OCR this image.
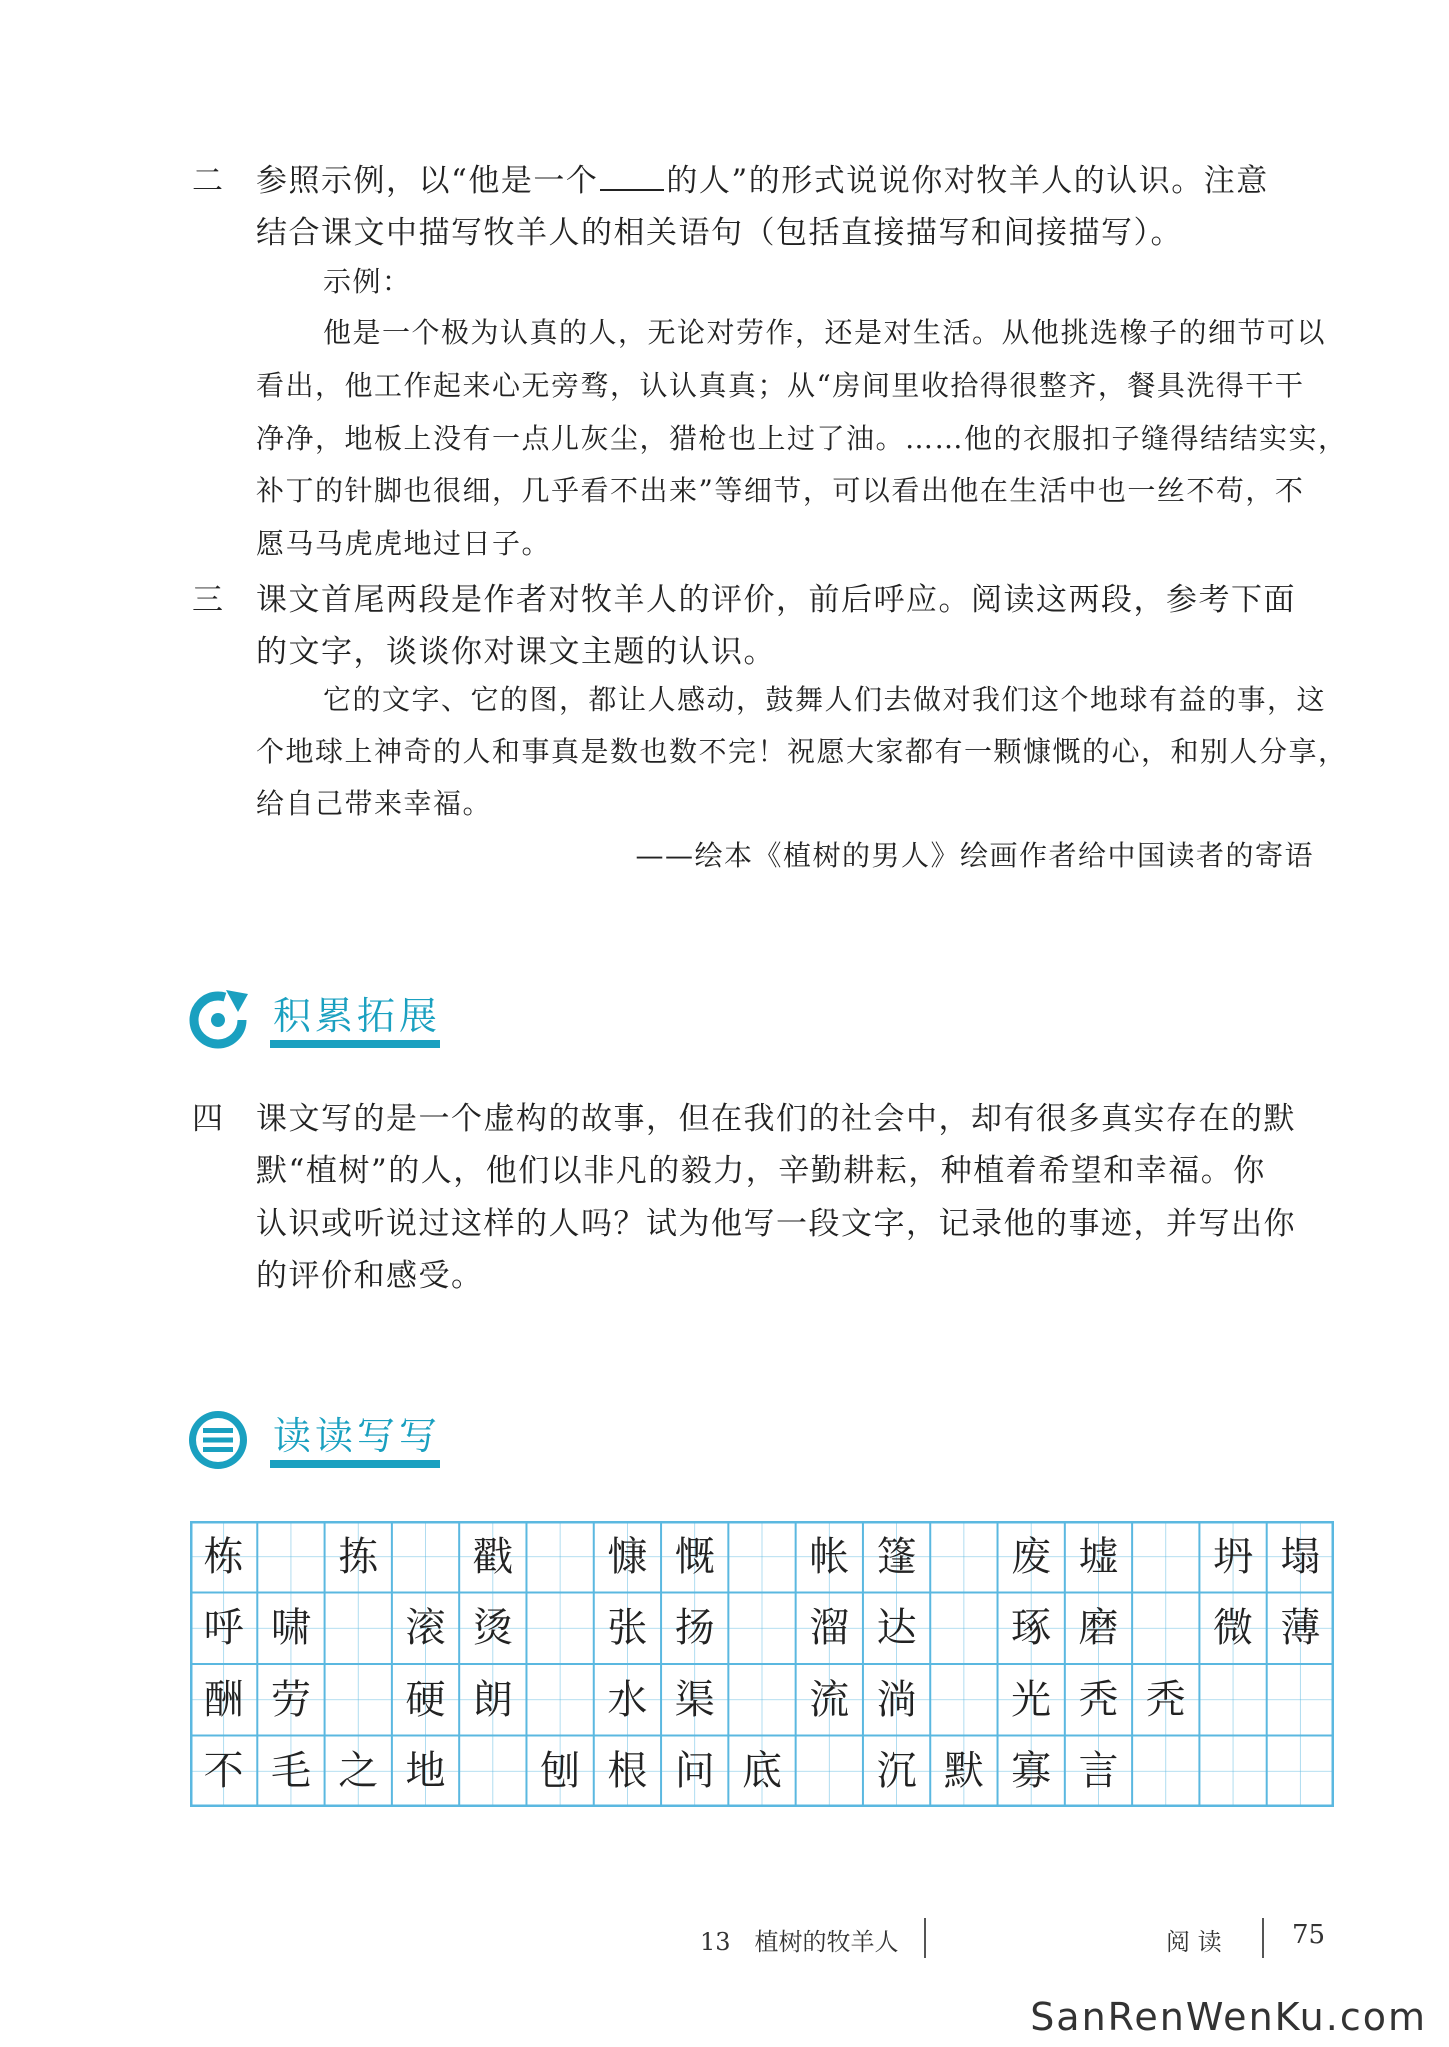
二 参照示例，以“他是一个 的人”的形式说说你对牧羊人的认识。注意
结合课文中描写牧羊人的相关语句（包括直接描写和间接描写）。
示例：
他是一个极为认真的人，无论对劳作，还是对生活。从他挑选橡子的细节可以
看出，他工作起来心无旁骛，认认真真；从“房间里收拾得很整齐，餐具洗得干干
净净，地板上没有一点儿灰尘，猎枪也上过了油。……他的衣服扣子缝得结结实实，
补丁的针脚也很细，几乎看不出来”等细节，可以看出他在生活中也一丝不苟，不
愿马马虎虎地过日子。
三 课文首尾两段是作者对牧羊人的评价，前后呼应。阅读这两段，参考下面
的文字，谈谈你对课文主题的认识。
它的文字、它的图，都让人感动，鼓舞人们去做对我们这个地球有益的事，这
个地球上神奇的人和事真是数也数不完！祝愿大家都有一颗慷慨的心，和别人分享，
给自己带来幸福。
——绘本《植树的男人》绘画作者给中国读者的寄语
积累拓展
四 课文写的是一个虚构的故事，但在我们的社会中，却有很多真实存在的默
默“植树”的人，他们以非凡的毅力，辛勤耕耘，种植着希望和幸福。你
认识或听说过这样的人吗？试为他写一段文字，记录他的事迹，并写出你
的评价和感受。
读读写写
栋	拣	戳	慷 慨	帐 篷	废 墟	坍 塌
呼 啸	滚 烫	张 扬	溜 达	琢 磨	微 薄
酬 劳	硬 朗	水 渠	流 淌	光 秃 秃
不 毛 之 地	刨 根 问 底	沉 默 寡 言
13　植树的牧羊人	阅 读	75
SanRenWenKu.com
